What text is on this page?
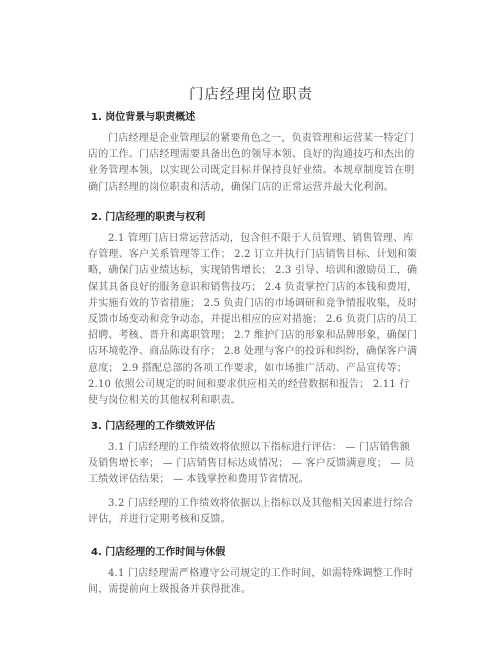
门店经理岗位职责
1. 岗位背景与职责概述

门店经理是企业管理层的紧要角色之一，负责管理和运营某一特定门店的工作。门店经理需要具备出色的领导本领、良好的沟通技巧和杰出的业务管理本领，以实现公司既定目标并保持良好业绩。本规章制度旨在明确门店经理的岗位职责和活动，确保门店的正常运营并最大化利润。

2. 门店经理的职责与权利

2.1 管理门店日常运营活动，包含但不限于人员管理、销售管理、库存管理、客户关系管理等工作； 2.2 订立并执行门店销售目标、计划和策略，确保门店业绩达标，实现销售增长； 2.3 引导、培训和激励员工，确保其具备良好的服务意识和销售技巧； 2.4 负责掌控门店的本钱和费用，并实施有效的节省措施； 2.5 负责门店的市场调研和竞争情报收集，及时反馈市场变动和竞争动态，并提出相应的应对措施； 2.6 负责门店的员工招聘、考核、晋升和离职管理； 2.7 维护门店的形象和品牌形象，确保门店环境乾净、商品陈设有序； 2.8 处理与客户的投诉和纠纷，确保客户满意度； 2.9 搭配总部的各项工作要求，如市场推广活动、产品宣传等； 2.10 依照公司规定的时间和要求供应相关的经营数据和报告； 2.11 行使与岗位相关的其他权利和职责。

3. 门店经理的工作绩效评估

3.1 门店经理的工作绩效将依照以下指标进行评估： — 门店销售额及销售增长率； — 门店销售目标达成情况； — 客户反馈满意度； — 员工绩效评估结果； — 本钱掌控和费用节省情况。

3.2 门店经理的工作绩效将依据以上指标以及其他相关因素进行综合评估，并进行定期考核和反馈。

4. 门店经理的工作时间与休假

4.1 门店经理需严格遵守公司规定的工作时间，如需特殊调整工作时间，需提前向上级报备并获得批准。
